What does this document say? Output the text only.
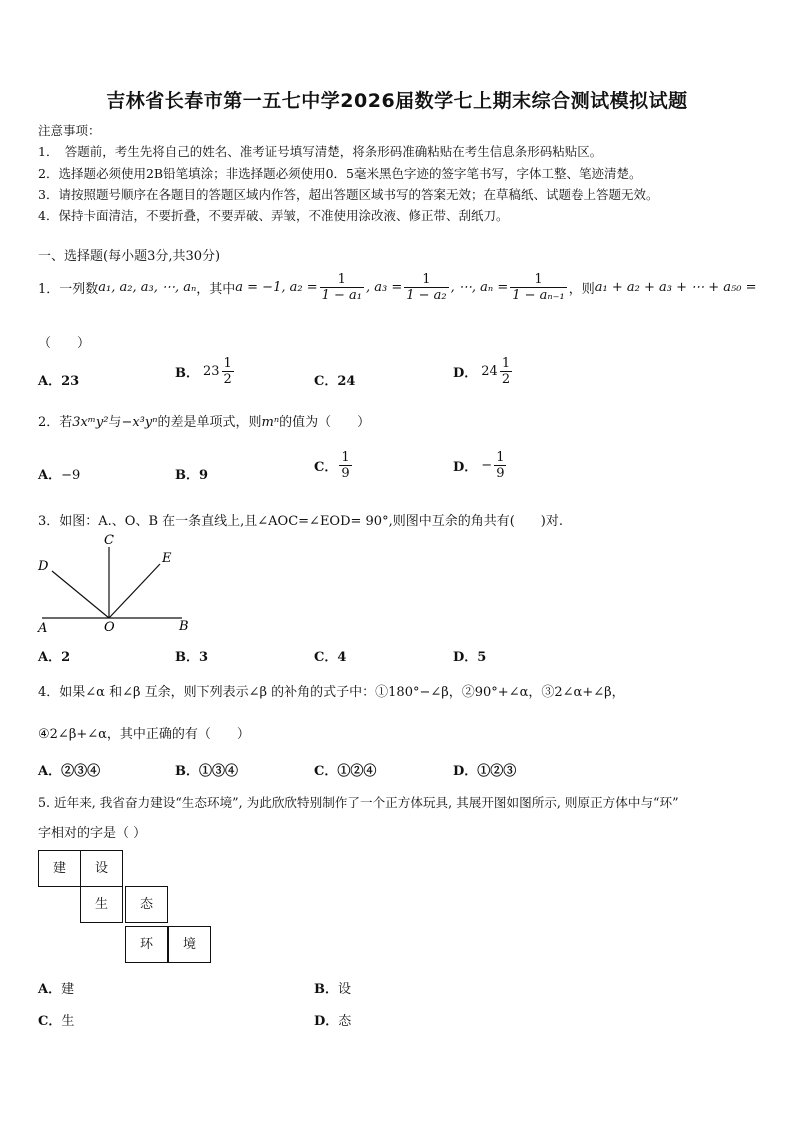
吉林省长春市第一五七中学2026届数学七上期末综合测试模拟试题
注意事项：
1．　答题前，考生先将自己的姓名、准考证号填写清楚，将条形码准确粘贴在考生信息条形码粘贴区。
2．选择题必须使用2B铅笔填涂；非选择题必须使用0．5毫米黑色字迹的签字笔书写，字体工整、笔迹清楚。
3．请按照题号顺序在各题目的答题区域内作答，超出答题区域书写的答案无效；在草稿纸、试题卷上答题无效。
4．保持卡面清洁，不要折叠，不要弄破、弄皱，不准使用涂改液、修正带、刮纸刀。
一、选择题(每小题3分,共30分)
1．一列数 a₁, a₂, a₃, ⋯, aₙ ，其中 a = −1, $a_2 = \frac{1}{\text{1 − a₁}}$ , $a_3 = \frac{1}{\text{1 − a₂}}$ , ⋯, $a_n = \frac{1}{\text{1 − aₙ₋₁}}$ ，则 a₁ + a₂ + a₃ + ⋯ + a₅₀ =
（　　）
A．23
B． $23 \frac{1}{2}$	C．24
D． $24 \frac{1}{2}$
2．若3xᵐy²与−x³yⁿ的差是单项式，则mⁿ的值为（　　）
A．−9	B．9
C． $\frac{1}{9}$	D． − $\frac{1}{9}$
3．如图：A.、O、B 在一条直线上,且∠AOC=∠EOD= 90°,则图中互余的角共有(　　)对.
C
D
E
A	O	B
A．2	B．3	C．4	D．5
4．如果∠α 和∠β 互余，则下列表示∠β 的补角的式子中：①180°−∠β，②90°+∠α，③2∠α+∠β，
④2∠β+∠α，其中正确的有（　　）
A．②③④	B．①③④	C．①②④	D．①②③
5. 近年来, 我省奋力建设“生态环境”, 为此欣欣特别制作了一个正方体玩具, 其展开图如图所示, 则原正方体中与“环”
字相对的字是（ ）
建	设
生	态
环	境
A．建	B．设
C．生	D．态
